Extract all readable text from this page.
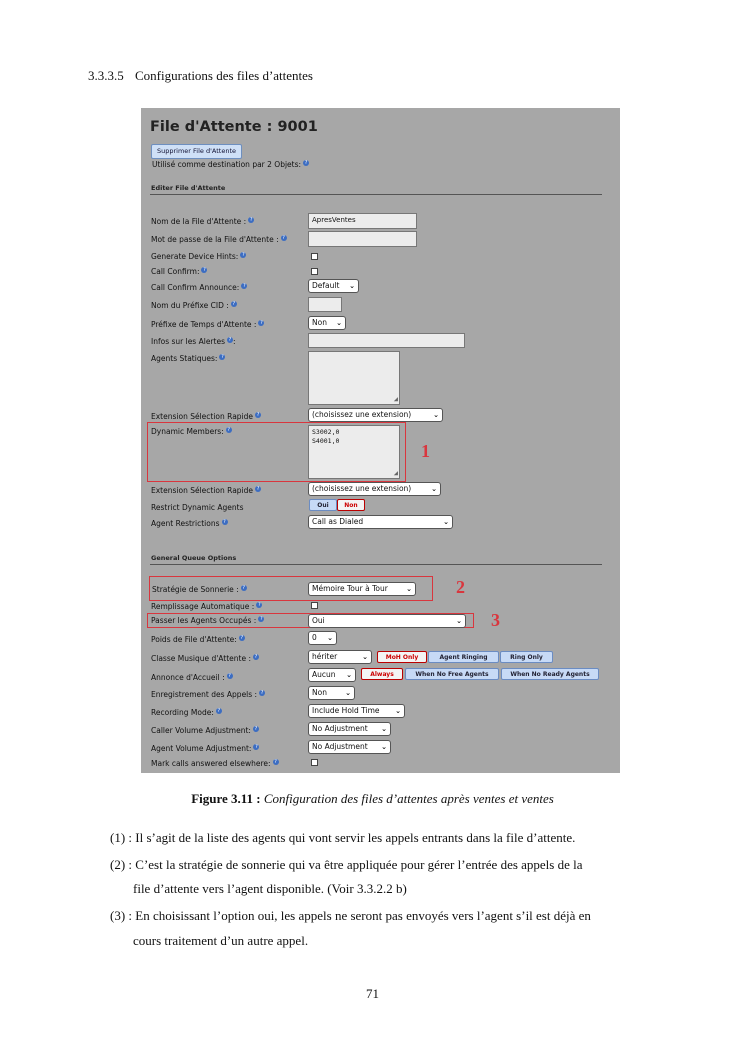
3.3.3.5 Configurations des files d’attentes
File d'Attente : 9001
Supprimer File d'Attente
Utilisé comme destination par 2 Objets: ?
Editer File d'Attente
Nom de la File d'Attente : ?	ApresVentes
Mot de passe de la File d'Attente : ?
Generate Device Hints: ?
Call Confirm: ?
Call Confirm Announce: ?	Default ⌄
Nom du Préfixe CID : ?
Préfixe de Temps d'Attente : ?	Non ⌄
Infos sur les Alertes ? :
Agents Statiques: ?
◢
Extension Sélection Rapide ?	(choisissez une extension)	⌄
Dynamic Members: ?	S3002,0
S4001,0
◢
1
Extension Sélection Rapide ?	(choisissez une extension)	⌄
Restrict Dynamic Agents	Oui	Non
Agent Restrictions ?	Call as Dialed	⌄
General Queue Options
Stratégie de Sonnerie : ?	Mémoire Tour à Tour	⌄ 2
Remplissage Automatique : ?
Passer les Agents Occupés : ?	Oui	⌄ 3
Poids de File d'Attente: ?	0 ⌄
Classe Musique d'Attente : ?	hériter	⌄	MoH Only	Agent Ringing	Ring Only
Annonce d'Accueil : ?	Aucun ⌄	Always	When No Free Agents	When No Ready Agents
Enregistrement des Appels : ?	Non	⌄
Recording Mode: ?	Include Hold Time ⌄
Caller Volume Adjustment: ?	No Adjustment ⌄
Agent Volume Adjustment: ?	No Adjustment ⌄
Mark calls answered elsewhere: ?
Figure 3.11 : Configuration des files d’attentes après ventes et ventes
(1) : Il s’agit de la liste des agents qui vont servir les appels entrants dans la file d’attente.
(2) : C’est la stratégie de sonnerie qui va être appliquée pour gérer l’entrée des appels de la
file d’attente vers l’agent disponible. (Voir 3.3.2.2 b)
(3) : En choisissant l’option oui, les appels ne seront pas envoyés vers l’agent s’il est déjà en
cours traitement d’un autre appel.
71
